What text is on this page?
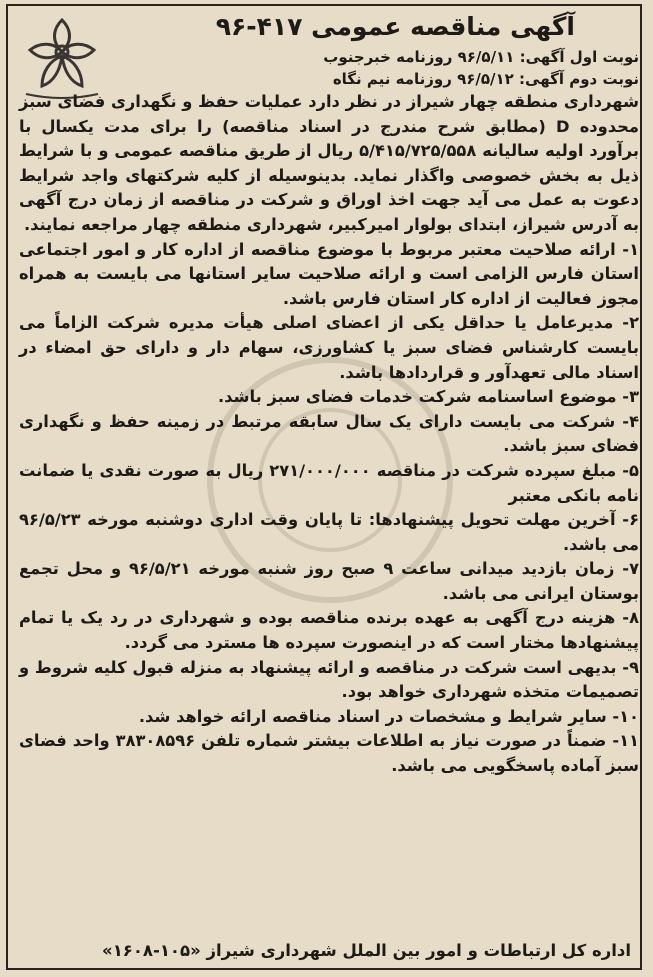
آگهی مناقصه عمومی ۴۱۷-۹۶

نوبت اول آگهی: ۹۶/۵/۱۱ روزنامه خبرجنوب

نوبت دوم آگهی: ۹۶/۵/۱۲ روزنامه نیم نگاه

شهرداری منطقه چهار شیراز در نظر دارد عملیات حفظ و نگهداری فضای سبز محدوده D (مطابق شرح مندرج در اسناد مناقصه) را برای مدت یکسال با برآورد اولیه سالیانه ۵/۴۱۵/۷۲۵/۵۵۸ ریال از طریق مناقصه عمومی و با شرایط ذیل به بخش خصوصی واگذار نماید. بدینوسیله از کلیه شرکتهای واجد شرایط دعوت به عمل می آید جهت اخذ اوراق و شرکت در مناقصه از زمان درج آگهی به آدرس شیراز، ابتدای بولوار امیرکبیر، شهرداری منطقه چهار مراجعه نمایند.

۱- ارائه صلاحیت معتبر مربوط با موضوع مناقصه از اداره کار و امور اجتماعی استان فارس الزامی است و ارائه صلاحیت سایر استانها می بایست به همراه مجوز فعالیت از اداره کار استان فارس باشد.

۲- مدیرعامل یا حداقل یکی از اعضای اصلی هیأت مدیره شرکت الزاماً می بایست کارشناس فضای سبز یا کشاورزی، سهام دار و دارای حق امضاء در اسناد مالی تعهدآور و قراردادها باشد.

۳- موضوع اساسنامه شرکت خدمات فضای سبز باشد.

۴- شرکت می بایست دارای یک سال سابقه مرتبط در زمینه حفظ و نگهداری فضای سبز باشد.

۵- مبلغ سپرده شرکت در مناقصه ۲۷۱/۰۰۰/۰۰۰ ریال به صورت نقدی یا ضمانت نامه بانکی معتبر

۶- آخرین مهلت تحویل پیشنهادها: تا پایان وقت اداری دوشنبه مورخه ۹۶/۵/۲۳ می باشد.

۷- زمان بازدید میدانی ساعت ۹ صبح روز شنبه مورخه ۹۶/۵/۲۱ و محل تجمع بوستان ایرانی می باشد.

۸- هزینه درج آگهی به عهده برنده مناقصه بوده و شهرداری در رد یک یا تمام پیشنهادها مختار است که در اینصورت سپرده ها مسترد می گردد.

۹- بدیهی است شرکت در مناقصه و ارائه پیشنهاد به منزله قبول کلیه شروط و تصمیمات متخذه شهرداری خواهد بود.

۱۰- سایر شرایط و مشخصات در اسناد مناقصه ارائه خواهد شد.

۱۱- ضمناً در صورت نیاز به اطلاعات بیشتر شماره تلفن ۳۸۳۰۸۵۹۶ واحد فضای سبز آماده پاسخگویی می باشد.

اداره کل ارتباطات و امور بین الملل شهرداری شیراز «۱۰۵-۱۶۰۸»
